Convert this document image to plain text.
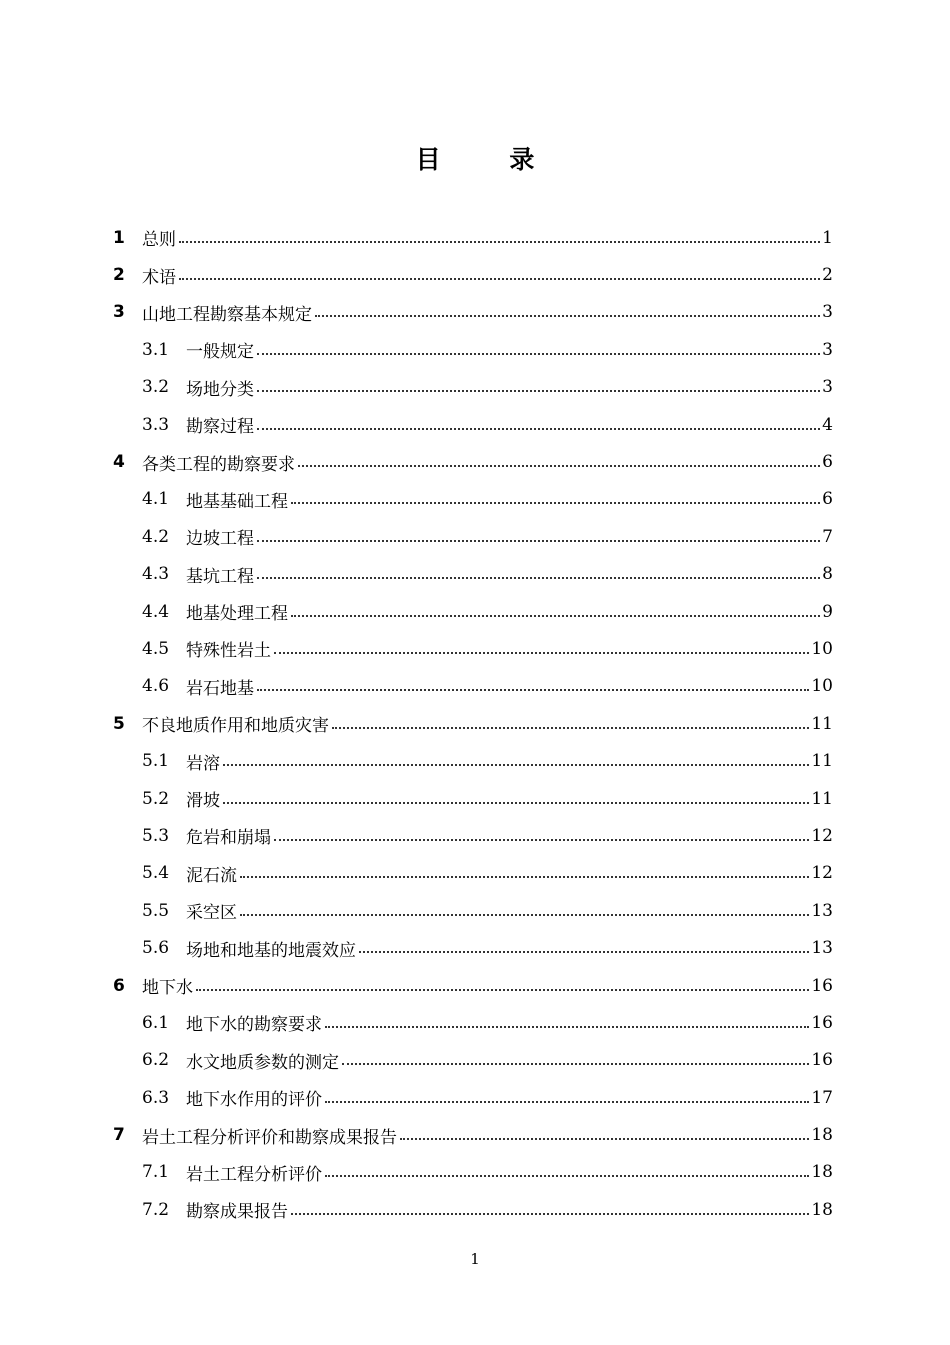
目 录
1	总则	1
2	术语	2
3	山地工程勘察基本规定	3
3.1 一般规定	3
3.2 场地分类	3
3.3 勘察过程	4
4	各类工程的勘察要求	6
4.1 地基基础工程	6
4.2 边坡工程	7
4.3 基坑工程	8
4.4 地基处理工程	9
4.5 特殊性岩土	10
4.6 岩石地基	10
5	不良地质作用和地质灾害	11
5.1 岩溶	11
5.2 滑坡	11
5.3 危岩和崩塌	12
5.4 泥石流	12
5.5 采空区	13
5.6 场地和地基的地震效应	13
6	地下水	16
6.1 地下水的勘察要求	16
6.2 水文地质参数的测定	16
6.3 地下水作用的评价	17
7	岩土工程分析评价和勘察成果报告	18
7.1 岩土工程分析评价	18
7.2 勘察成果报告	18
1
